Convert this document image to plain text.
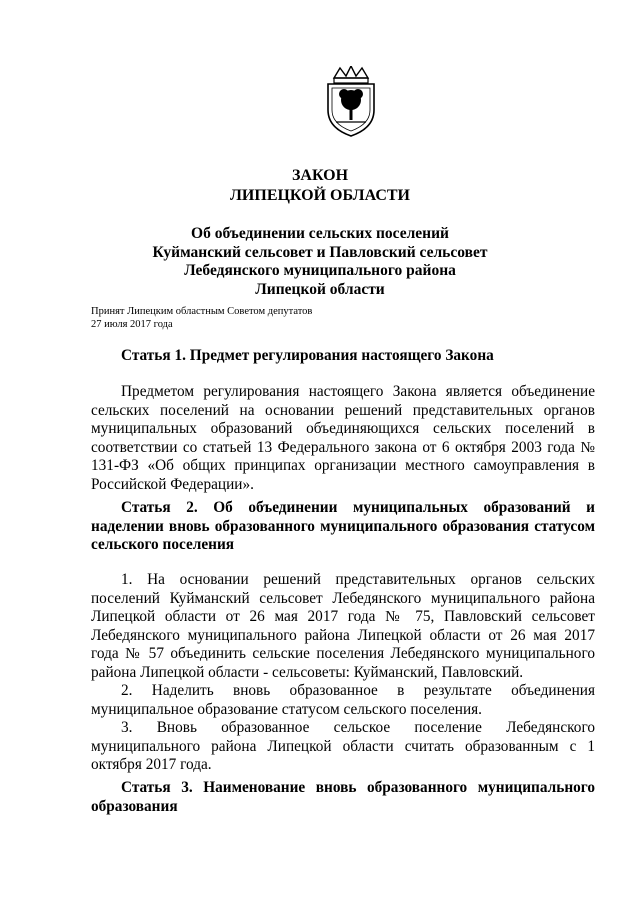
ЗАКОН
ЛИПЕЦКОЙ ОБЛАСТИ
Об объединении сельских поселений
Куйманский сельсовет и Павловский сельсовет
Лебедянского муниципального района
Липецкой области
Принят Липецким областным Советом депутатов
27 июля 2017 года
Статья 1. Предмет регулирования настоящего Закона
Предметом регулирования настоящего Закона является объединение сельских поселений на основании решений представительных органов муниципальных образований объединяющихся сельских поселений в соответствии со статьей 13 Федерального закона от 6 октября 2003 года № 131-ФЗ «Об общих принципах организации местного самоуправления в Российской Федерации».
Статья 2. Об объединении муниципальных образований и наделении вновь образованного муниципального образования статусом сельского поселения

1. На основании решений представительных органов сельских поселений Куйманский сельсовет Лебедянского муниципального района Липецкой области от 26 мая 2017 года № 75, Павловский сельсовет Лебедянского муниципального района Липецкой области от 26 мая 2017 года № 57 объединить сельские поселения Лебедянского муниципального района Липецкой области - сельсоветы: Куйманский, Павловский.

2. Наделить вновь образованное в результате объединения муниципальное образование статусом сельского поселения.

3. Вновь образованное сельское поселение Лебедянского муниципального района Липецкой области считать образованным с 1 октября 2017 года.

Статья 3. Наименование вновь образованного муниципального образования
